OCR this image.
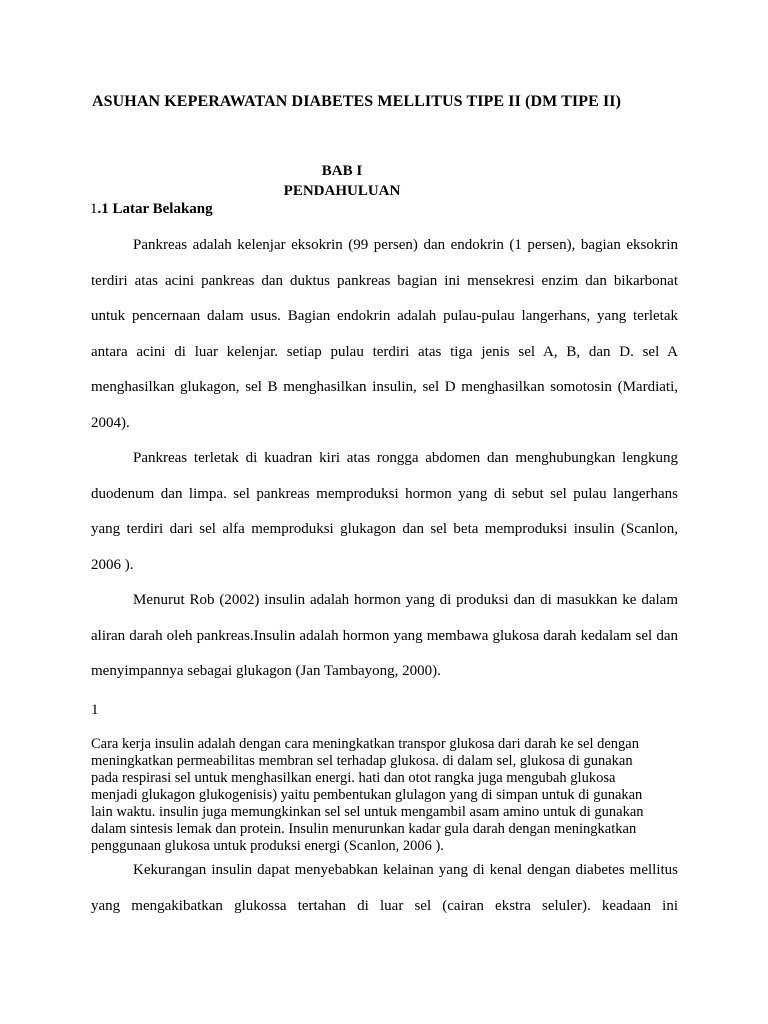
ASUHAN KEPERAWATAN DIABETES MELLITUS TIPE II (DM TIPE II)
BAB I
PENDAHULUAN
1.1 Latar Belakang
Pankreas adalah kelenjar eksokrin (99 persen) dan endokrin (1 persen), bagian eksokrin
terdiri atas acini pankreas dan duktus pankreas bagian ini mensekresi enzim dan bikarbonat
untuk pencernaan dalam usus. Bagian endokrin adalah pulau-pulau langerhans, yang terletak
antara acini di luar kelenjar. setiap pulau terdiri atas tiga jenis sel A, B, dan D. sel A
menghasilkan glukagon, sel B menghasilkan insulin, sel D menghasilkan somotosin (Mardiati,
2004).
Pankreas terletak di kuadran kiri atas rongga abdomen dan menghubungkan lengkung
duodenum dan limpa. sel pankreas memproduksi hormon yang di sebut sel pulau langerhans
yang terdiri dari sel alfa memproduksi glukagon dan sel beta memproduksi insulin (Scanlon,
2006 ).
Menurut Rob (2002) insulin adalah hormon yang di produksi dan di masukkan ke dalam
aliran darah oleh pankreas.Insulin adalah hormon yang membawa glukosa darah kedalam sel dan
menyimpannya sebagai glukagon (Jan Tambayong, 2000).
1
Cara kerja insulin adalah dengan cara meningkatkan transpor glukosa dari darah ke sel dengan
meningkatkan permeabilitas membran sel terhadap glukosa. di dalam sel, glukosa di gunakan
pada respirasi sel untuk menghasilkan energi. hati dan otot rangka juga mengubah glukosa
menjadi glukagon glukogenisis) yaitu pembentukan glulagon yang di simpan untuk di gunakan
lain waktu. insulin juga memungkinkan sel sel untuk mengambil asam amino untuk di gunakan
dalam sintesis lemak dan protein. Insulin menurunkan kadar gula darah dengan meningkatkan
penggunaan glukosa untuk produksi energi (Scanlon, 2006 ).
Kekurangan insulin dapat menyebabkan kelainan yang di kenal dengan diabetes mellitus
yang mengakibatkan glukossa tertahan di luar sel (cairan ekstra seluler). keadaan ini
